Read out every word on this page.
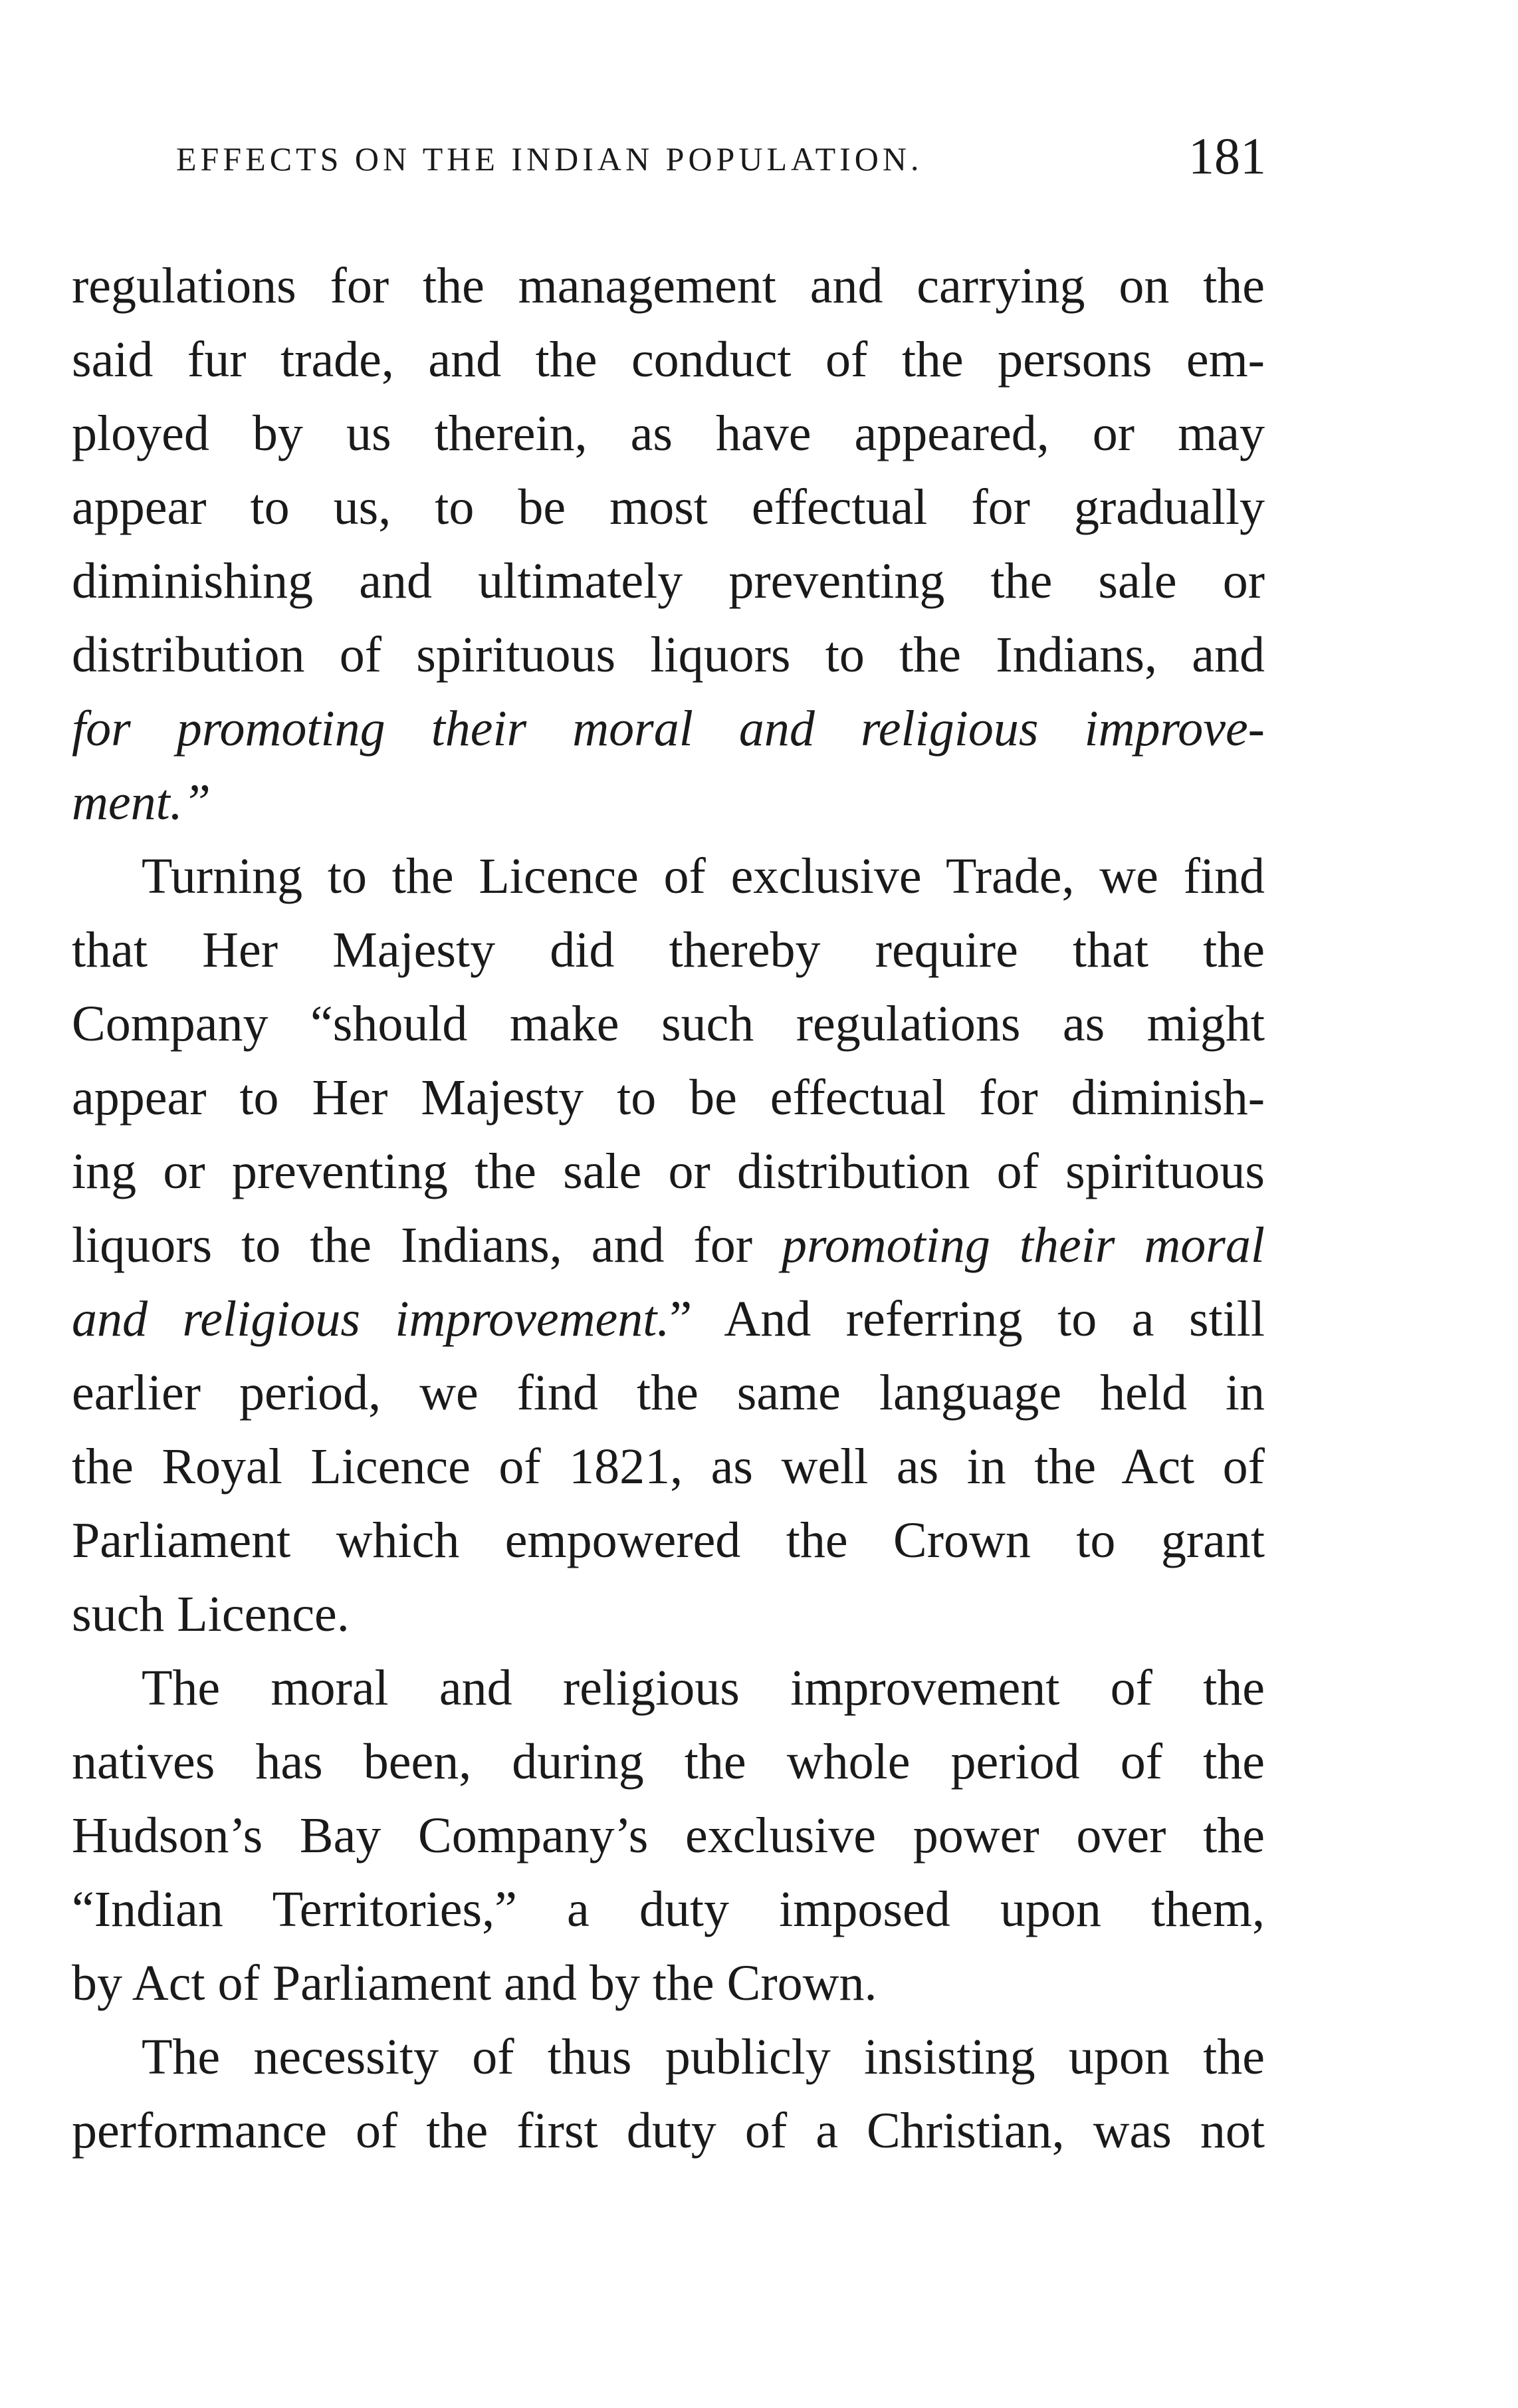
EFFECTS ON THE INDIAN POPULATION.	181
regulations for the management and carrying on the
said fur trade, and the conduct of the persons em-
ployed by us therein, as have appeared, or may
appear to us, to be most effectual for gradually
diminishing and ultimately preventing the sale or
distribution of spirituous liquors to the Indians, and
for promoting their moral and religious improve-
ment.”
Turning to the Licence of exclusive Trade, we find
that Her Majesty did thereby require that the
Company “should make such regulations as might
appear to Her Majesty to be effectual for diminish-
ing or preventing the sale or distribution of spirituous
liquors to the Indians, and for promoting their moral
and religious improvement.” And referring to a still
earlier period, we find the same language held in
the Royal Licence of 1821, as well as in the Act of
Parliament which empowered the Crown to grant
such Licence.
The moral and religious improvement of the
natives has been, during the whole period of the
Hudson’s Bay Company’s exclusive power over the
“Indian Territories,” a duty imposed upon them,
by Act of Parliament and by the Crown.
The necessity of thus publicly insisting upon the
performance of the first duty of a Christian, was not
